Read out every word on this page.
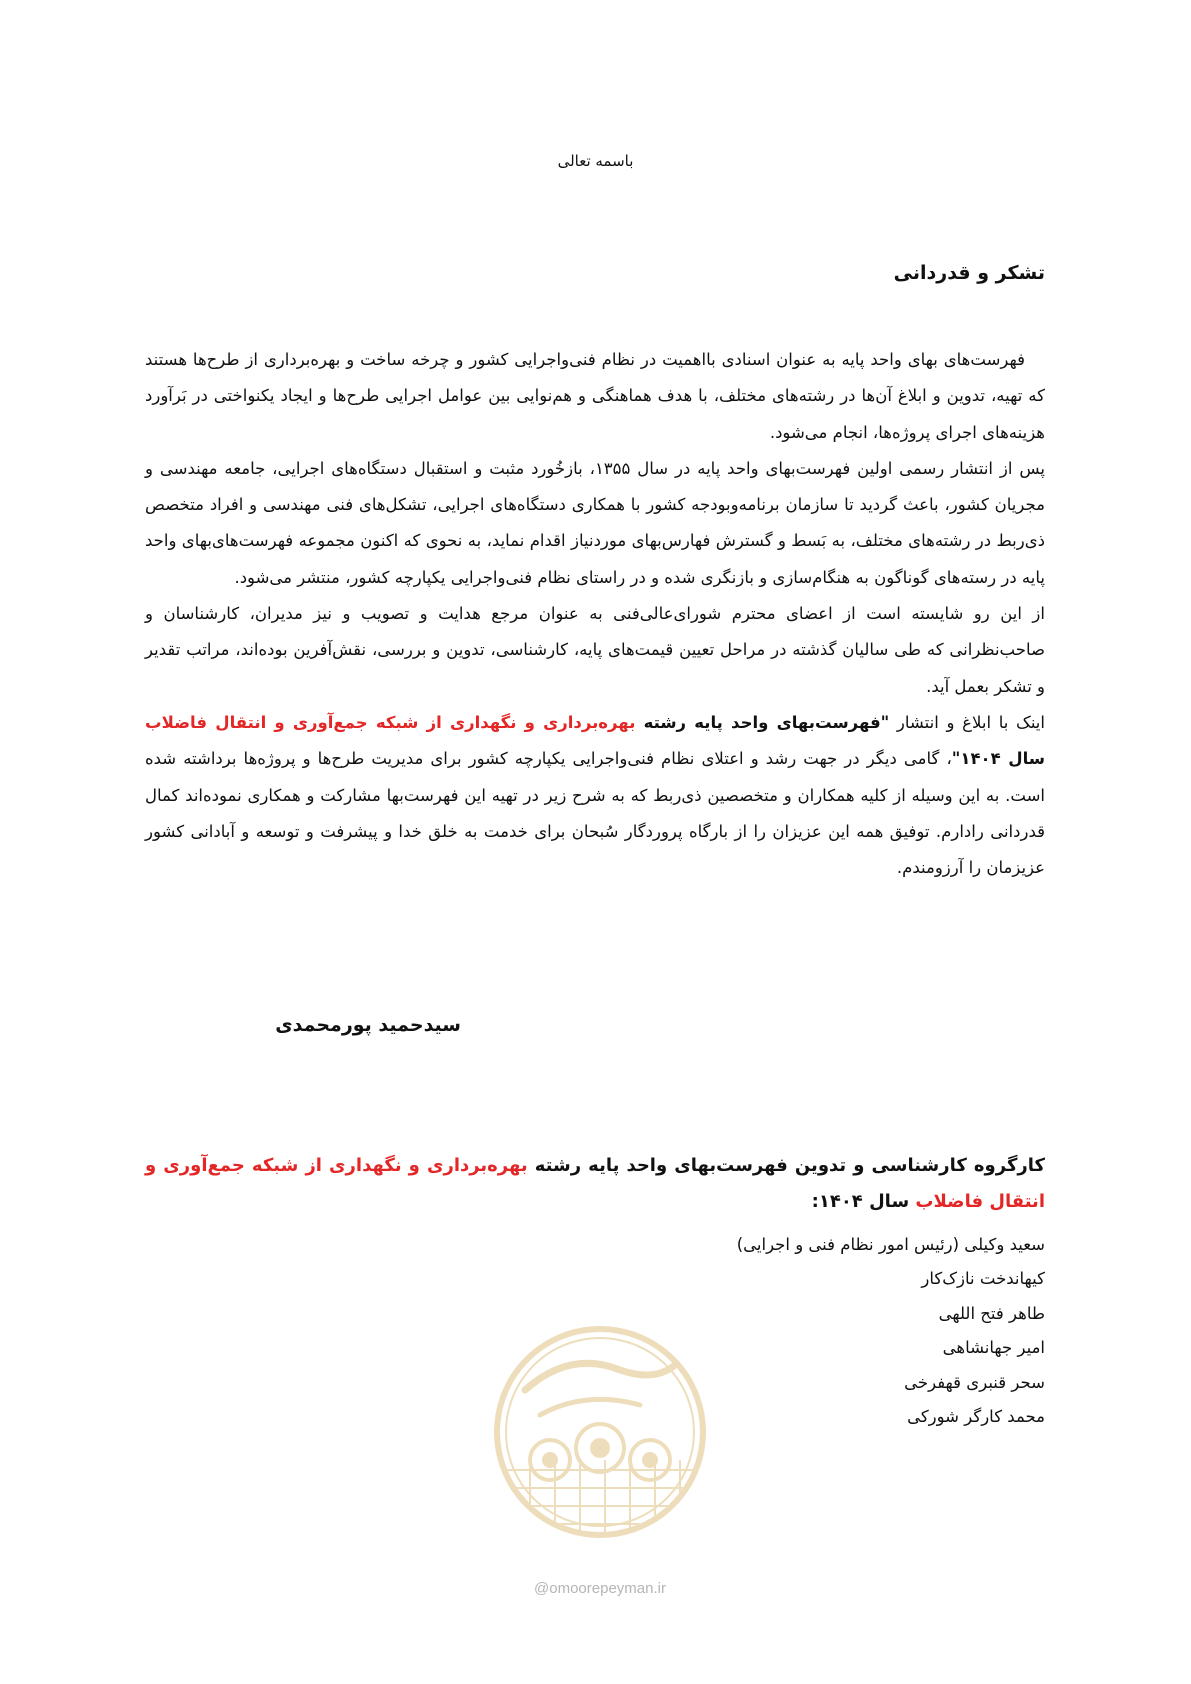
باسمه تعالی
تشکر و قدردانی

فهرست‌های بهای واحد پایه به عنوان اسنادی بااهمیت در نظام فنی‌واجرایی کشور و چرخه ساخت و بهره‌برداری از طرح‌ها هستند که تهیه، تدوین و ابلاغ آن‌ها در رشته‌های مختلف، با هدف هماهنگی و هم‌نوایی بین عوامل اجرایی طرح‌ها و ایجاد یکنواختی در بَرآورد هزینه‌های اجرای پروژه‌ها، انجام می‌شود.

پس از انتشار رسمی اولین فهرست‌بهای واحد پایه در سال ۱۳۵۵، بازخُورد مثبت و استقبال دستگاه‌های اجرایی، جامعه مهندسی و مجریان کشور، باعث گردید تا سازمان برنامه‌وبودجه کشور با همکاری دستگاه‌های اجرایی، تشکل‌های فنی مهندسی و افراد متخصص ذی‌ربط در رشته‌های مختلف، به بَسط و گسترش فهارس‌بهای موردنیاز اقدام نماید، به نحوی که اکنون مجموعه فهرست‌های‌بهای واحد پایه در رسته‌های گوناگون به هنگام‌سازی و بازنگری شده و در راستای نظام فنی‌واجرایی یکپارچه کشور، منتشر می‌شود.

از این رو شایسته است از اعضای محترم شورای‌عالی‌فنی به عنوان مرجع هدایت و تصویب و نیز مدیران، کارشناسان و صاحب‌نظرانی که طی سالیان گذشته در مراحل تعیین قیمت‌های پایه، کارشناسی، تدوین و بررسی، نقش‌آفرین بوده‌اند، مراتب تقدیر و تشکر بعمل آید.

اینک با ابلاغ و انتشار "فهرست‌بهای واحد پایه رشته بهره‌برداری و نگهداری از شبکه جمع‌آوری و انتقال فاضلاب سال ۱۴۰۴"، گامی دیگر در جهت رشد و اعتلای نظام فنی‌واجرایی یکپارچه کشور برای مدیریت طرح‌ها و پروژه‌ها برداشته شده است. به این وسیله از کلیه همکاران و متخصصین ذی‌ربط که به شرح زیر در تهیه این فهرست‌بها مشارکت و همکاری نموده‌اند کمال قدردانی رادارم. توفیق همه این عزیزان را از بارگاه پروردگار سُبحان برای خدمت به خلق خدا و پیشرفت و توسعه و آبادانی کشور عزیزمان را آرزومندم.

سیدحمید پورمحمدی
کارگروه کارشناسی و تدوین فهرست‌بهای واحد پایه رشته بهره‌برداری و نگهداری از شبکه جمع‌آوری و انتقال فاضلاب سال ۱۴۰۴:
سعید وکیلی (رئیس امور نظام فنی و اجرایی)
کیهاندخت نازک‌کار
طاهر فتح اللهی
امیر جهانشاهی
سحر قنبری قهفرخی
محمد کارگر شورکی
@omoorepeyman.ir
